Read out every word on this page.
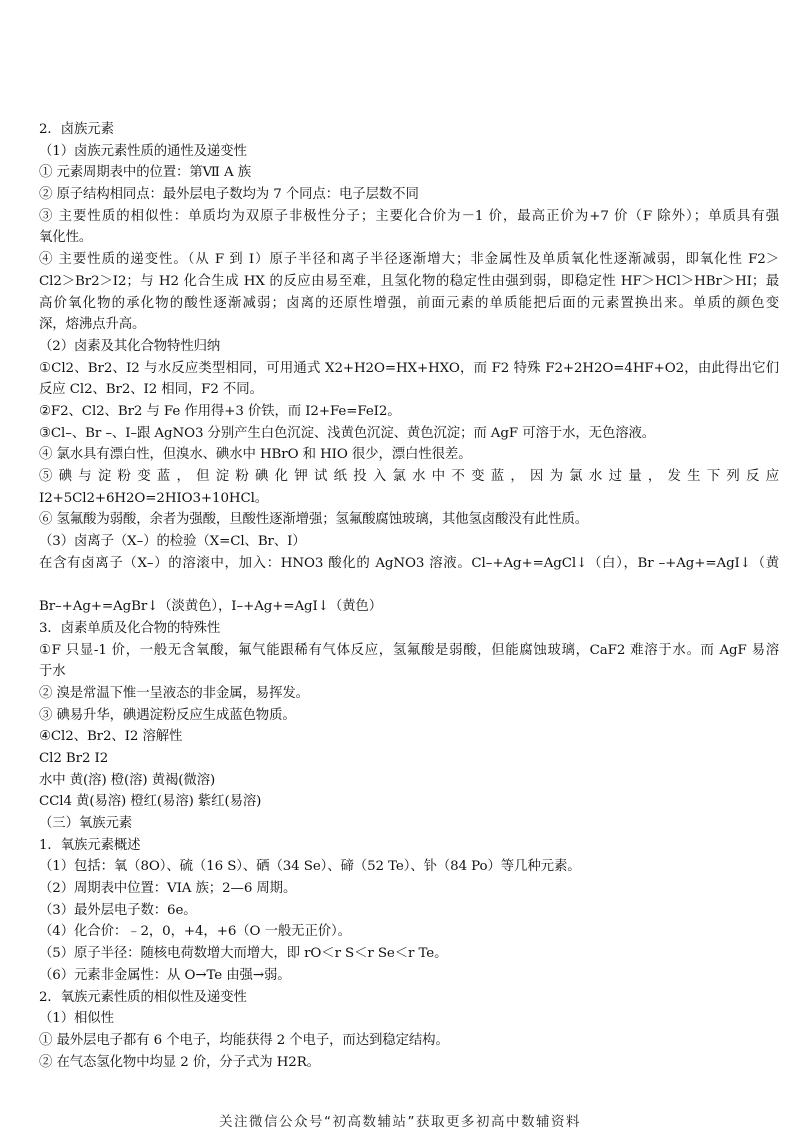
2．卤族元素
（1）卤族元素性质的通性及递变性
① 元素周期表中的位置：第Ⅶ A 族
② 原子结构相同点：最外层电子数均为 7 个同点：电子层数不同
③ 主要性质的相似性：单质均为双原子非极性分子；主要化合价为－1 价，最高正价为+7 价（F 除外）；单质具有强
氧化性。
④ 主要性质的递变性。（从 F 到 I）原子半径和离子半径逐渐增大；非金属性及单质氧化性逐渐减弱，即氧化性 F2＞
Cl2＞Br2＞I2；与 H2 化合生成 HX 的反应由易至难，且氢化物的稳定性由强到弱，即稳定性 HF＞HCl＞HBr＞HI；最
高价氧化物的承化物的酸性逐渐减弱；卤离的还原性增强，前面元素的单质能把后面的元素置换出来。单质的颜色变
深，熔沸点升高。
（2）卤素及其化合物特性归纳
①Cl2、Br2、I2 与水反应类型相同，可用通式 X2+H2O=HX+HXO，而 F2 特殊 F2+2H2O=4HF+O2，由此得出它们
反应 Cl2、Br2、I2 相同，F2 不同。
②F2、Cl2、Br2 与 Fe 作用得+3 价铁，而 I2+Fe=FeI2。
③Cl–、Br –、I–跟 AgNO3 分别产生白色沉淀、浅黄色沉淀、黄色沉淀；而 AgF 可溶于水，无色溶液。
④ 氯水具有漂白性，但溴水、碘水中 HBrO 和 HIO 很少，漂白性很差。
⑤ 碘 与 淀 粉 变 蓝 ， 但 淀 粉 碘 化 钾 试 纸 投 入 氯 水 中 不 变 蓝 ， 因 为 氯 水 过 量 ， 发 生 下 列 反 应
I2+5Cl2+6H2O=2HIO3+10HCl。
⑥ 氢氟酸为弱酸，余者为强酸，旦酸性逐渐增强；氢氟酸腐蚀玻璃，其他氢卤酸没有此性质。
（3）卤离子（X–）的检验（X=Cl、Br、I）
在含有卤离子（X–）的溶滚中，加入：HNO3 酸化的 AgNO3 溶液。Cl–+Ag+=AgCl↓（白），Br –+Ag+=AgI↓（黄
Br–+Ag+=AgBr↓（淡黄色），I–+Ag+=AgI↓（黄色）
3．卤素单质及化合物的特殊性
①F 只显-1 价，一般无含氧酸，氟气能跟稀有气体反应，氢氟酸是弱酸，但能腐蚀玻璃，CaF2 难溶于水。而 AgF 易溶
于水
② 溴是常温下惟一呈液态的非金属，易挥发。
③ 碘易升华，碘遇淀粉反应生成蓝色物质。
④Cl2、Br2、I2 溶解性
Cl2 Br2 I2
水中 黄(溶) 橙(溶) 黄褐(微溶)
CCl4 黄(易溶) 橙红(易溶) 紫红(易溶)
（三）氧族元素
1．氧族元素概述
（1）包括：氧（8O）、硫（16 S）、硒（34 Se）、碲（52 Te）、钋（84 Po）等几种元素。
（2）周期表中位置：VIA 族；2—6 周期。
（3）最外层电子数：6e。
（4）化合价：﹣2，0，+4，+6（O 一般无正价）。
（5）原子半径：随核电荷数增大而增大，即 rO＜r S＜r Se＜r Te。
（6）元素非金属性：从 O→Te 由强→弱。
2．氧族元素性质的相似性及递变性
（1）相似性
① 最外层电子都有 6 个电子，均能获得 2 个电子，而达到稳定结构。
② 在气态氢化物中均显 2 价，分子式为 H2R。
关注微信公众号“初高数辅站”获取更多初高中数辅资料
